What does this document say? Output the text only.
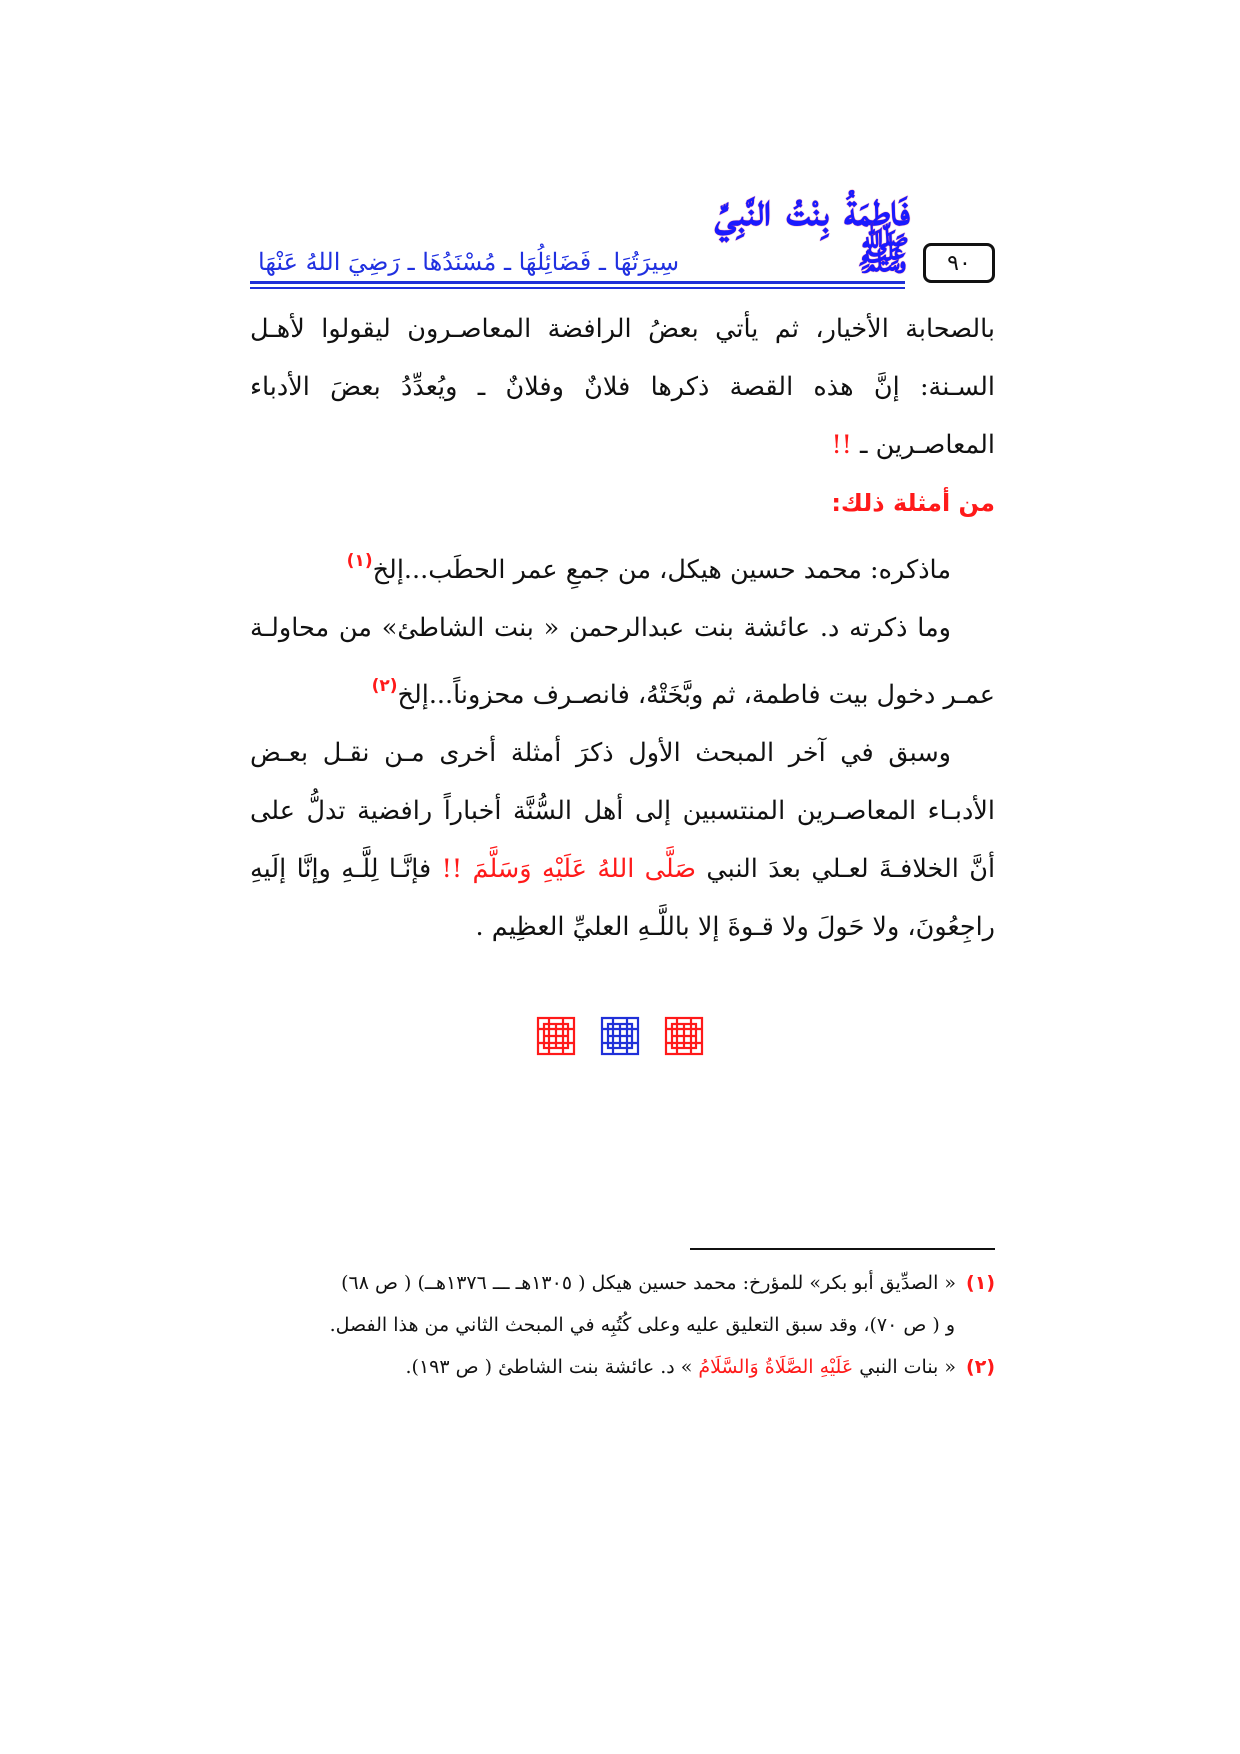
فَاطِمَةُ بِنْتُ النَّبِيِّ ﷺ
سِيرَتُهَا ـ فَضَائِلُهَا ـ مُسْنَدُهَا ـ رَضِيَ اللهُ عَنْهَا	٩٠

بالصحابة الأخيار، ثم يأتي بعضُ الرافضة المعاصـرون ليقولوا لأهـل السـنة: إنَّ هذه القصة ذكرها فلانٌ وفلانٌ ـ ويُعدِّدُ بعضَ الأدباء المعاصـرين ـ !!

من أمثلة ذلك:

ماذكره: محمد حسين هيكل، من جمعِ عمر الحطَب...إلخ$^{(١)}$

وما ذكرته د. عائشة بنت عبدالرحمن « بنت الشاطئ» من محاولـة عمـر دخول بيت فاطمة، ثم وبَّخَتْهُ، فانصـرف محزوناً...إلخ$^{(٢)}$

وسبق في آخر المبحث الأول ذكرَ أمثلة أخرى مـن نقـل بعـض الأدبـاء المعاصـرين المنتسبين إلى أهل السُّنَّة أخباراً رافضية تدلُّ على أنَّ الخلافـةَ لعـلي بعدَ النبي صَلَّى اللهُ عَلَيْهِ وَسَلَّمَ !! فإنَّـا لِلَّـهِ وإنَّا إلَيهِ راجِعُونَ، ولا حَولَ ولا قـوةَ إلا باللَّـهِ العليِّ العظِيم .

(١)« الصدِّيق أبو بكر» للمؤرخ: محمد حسين هيكل ( ١٣٠٥هـ ـــ ١٣٧٦هــ) ( ص ٦٨)

و ( ص ٧٠)، وقد سبق التعليق عليه وعلى كُتُبِه في المبحث الثاني من هذا الفصل.

(٢)« بنات النبي عَلَيْهِ الصَّلَاةُ وَالسَّلَامُ » د. عائشة بنت الشاطئ ( ص ١٩٣).
